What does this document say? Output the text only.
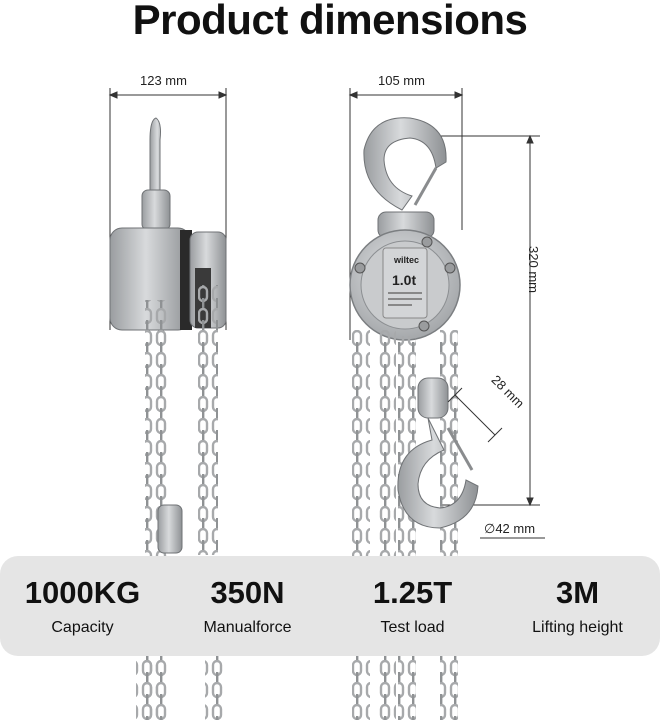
Product dimensions
wiltec
1.0t
123 mm	105 mm
320 mm
28 mm
∅42 mm
1000KG
Capacity
350N
Manualforce
1.25T
Test load
3M
Lifting height
